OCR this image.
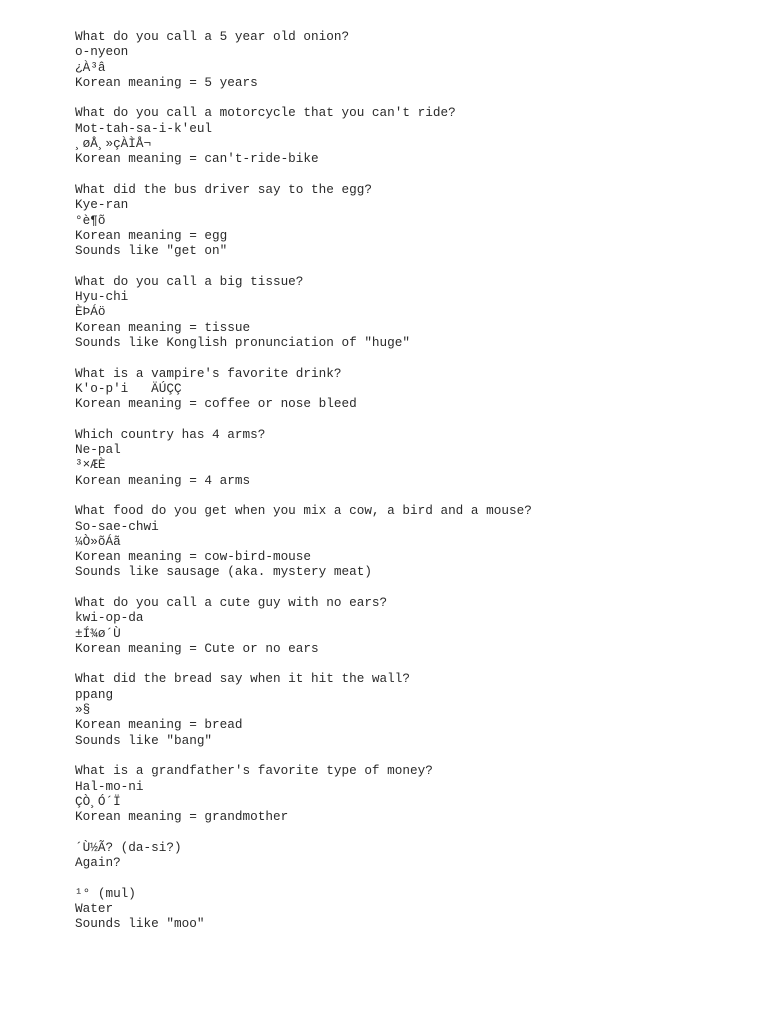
What do you call a 5 year old onion?
o-nyeon
¿À³â
Korean meaning = 5 years
What do you call a motorcycle that you can't ride?
Mot-tah-sa-i-k'eul
¸øÅ¸»çÀÌÅ¬
Korean meaning = can't-ride-bike
What did the bus driver say to the egg?
Kye-ran
°è¶õ
Korean meaning = egg
Sounds like "get on"
What do you call a big tissue?
Hyu-chi
ÈÞÁö
Korean meaning = tissue
Sounds like Konglish pronunciation of "huge"
What is a vampire's favorite drink?
K'o-p'i   ÄÚÇÇ
Korean meaning = coffee or nose bleed
Which country has 4 arms?
Ne-pal
³×ÆÈ
Korean meaning = 4 arms
What food do you get when you mix a cow, a bird and a mouse?
So-sae-chwi
¼Ò»õÁã
Korean meaning = cow-bird-mouse
Sounds like sausage (aka. mystery meat)
What do you call a cute guy with no ears?
kwi-op-da
±Í¾ø´Ù
Korean meaning = Cute or no ears
What did the bread say when it hit the wall?
ppang
»§
Korean meaning = bread
Sounds like "bang"
What is a grandfather's favorite type of money?
Hal-mo-ni
ÇÒ¸Ó´Ï
Korean meaning = grandmother
´Ù½Ã? (da-si?)
Again?
¹° (mul)
Water
Sounds like "moo"
